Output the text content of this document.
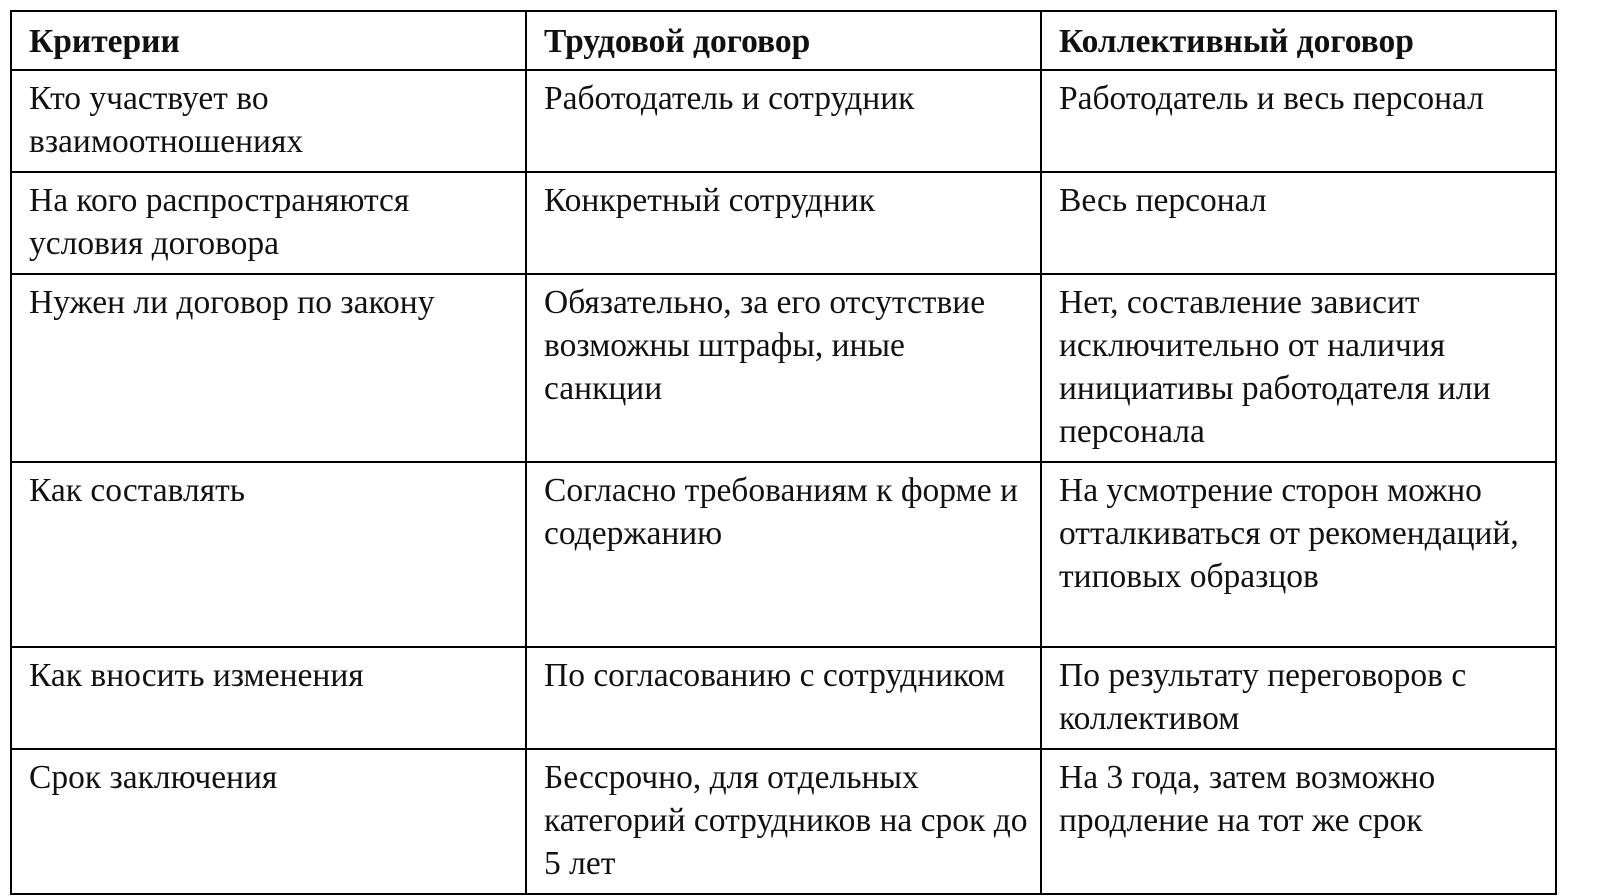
Критерии	Трудовой договор	Коллективный договор
Кто участвует во взаимоотношениях	Работодатель и сотрудник	Работодатель и весь персонал
На кого распространяются условия договора	Конкретный сотрудник	Весь персонал
Нужен ли договор по закону	Обязательно, за его отсутствие возможны штрафы, иные санкции	Нет, составление зависит исключительно от наличия инициативы работодателя или персонала
Как составлять	Согласно требованиям к форме и содержанию	На усмотрение сторон можно отталкиваться от рекомендаций, типовых образцов
Как вносить изменения	По согласованию с сотрудником	По результату переговоров с коллективом
Срок заключения	Бессрочно, для отдельных категорий сотрудников на срок до 5 лет	На 3 года, затем возможно продление на тот же срок
